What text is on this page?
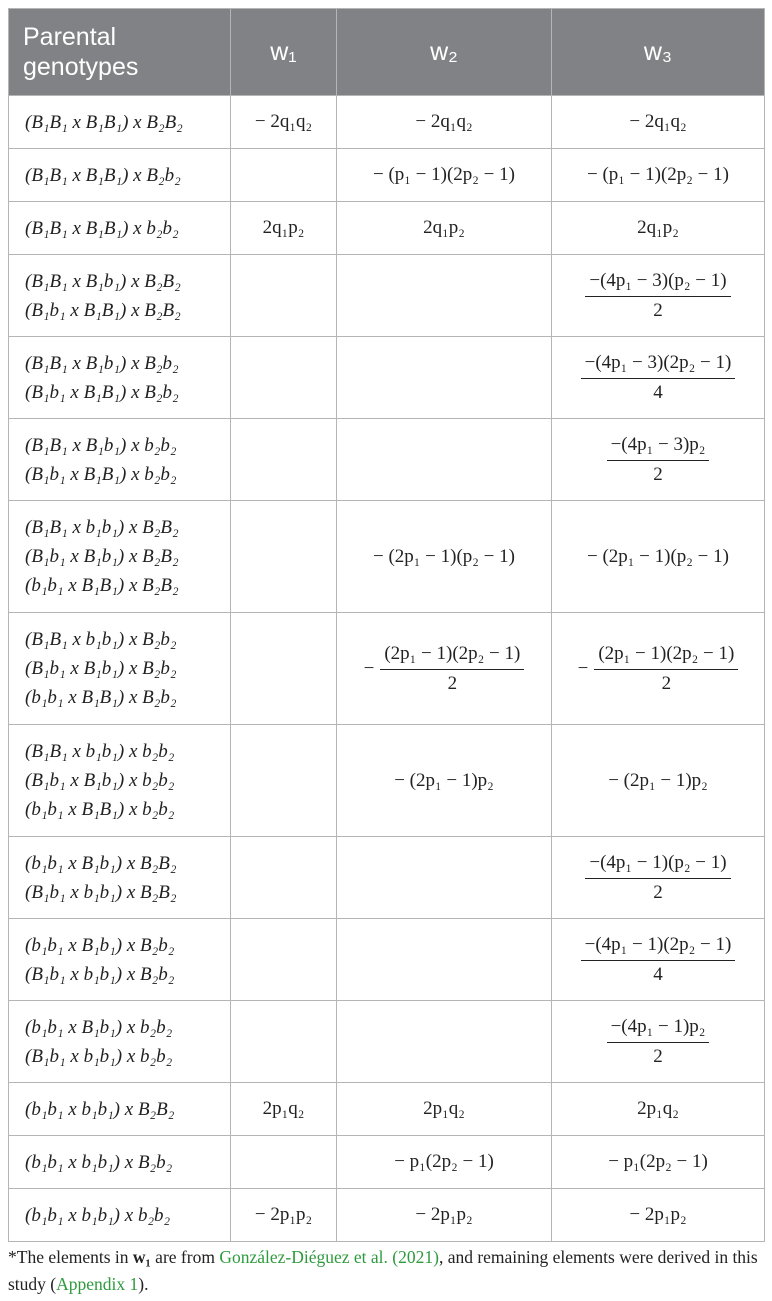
Parental genotypes	w₁	w₂	w₃

(B₁B₁ x B₁B₁) x B₂B₂	− 2q₁q₂	− 2q₁q₂	− 2q₁q₂

(B₁B₁ x B₁B₁) x B₂b₂		− (p₁ − 1)(2p₂ − 1)	− (p₁ − 1)(2p₂ − 1)

(B₁B₁ x B₁B₁) x b₂b₂	2q₁p₂	2q₁p₂	2q₁p₂

(B₁B₁ x B₁b₁) x B₂B₂
(B₁b₁ x B₁B₁) x B₂B₂			$\frac{\text{−(4p₁ − 3)(p₂ − 1)}}{2}$

(B₁B₁ x B₁b₁) x B₂b₂
(B₁b₁ x B₁B₁) x B₂b₂			$\frac{\text{−(4p₁ − 3)(2p₂ − 1)}}{4}$

(B₁B₁ x B₁b₁) x b₂b₂
(B₁b₁ x B₁B₁) x b₂b₂			$\frac{\text{−(4p₁ − 3)p₂}}{2}$

(B₁B₁ x b₁b₁) x B₂B₂
(B₁b₁ x B₁b₁) x B₂B₂
(b₁b₁ x B₁B₁) x B₂B₂		− (2p₁ − 1)(p₂ − 1)	− (2p₁ − 1)(p₂ − 1)

(B₁B₁ x b₁b₁) x B₂b₂
(B₁b₁ x B₁b₁) x B₂b₂
(b₁b₁ x B₁B₁) x B₂b₂		− $\frac{\text{(2p₁ − 1)(2p₂ − 1)}}{2}$	− $\frac{\text{(2p₁ − 1)(2p₂ − 1)}}{2}$

(B₁B₁ x b₁b₁) x b₂b₂
(B₁b₁ x B₁b₁) x b₂b₂
(b₁b₁ x B₁B₁) x b₂b₂		− (2p₁ − 1)p₂	− (2p₁ − 1)p₂

(b₁b₁ x B₁b₁) x B₂B₂
(B₁b₁ x b₁b₁) x B₂B₂			$\frac{\text{−(4p₁ − 1)(p₂ − 1)}}{2}$

(b₁b₁ x B₁b₁) x B₂b₂
(B₁b₁ x b₁b₁) x B₂b₂			$\frac{\text{−(4p₁ − 1)(2p₂ − 1)}}{4}$

(b₁b₁ x B₁b₁) x b₂b₂
(B₁b₁ x b₁b₁) x b₂b₂			$\frac{\text{−(4p₁ − 1)p₂}}{2}$

(b₁b₁ x b₁b₁) x B₂B₂	2p₁q₂	2p₁q₂	2p₁q₂

(b₁b₁ x b₁b₁) x B₂b₂		− p₁(2p₂ − 1)	− p₁(2p₂ − 1)

(b₁b₁ x b₁b₁) x b₂b₂	− 2p₁p₂	− 2p₁p₂	− 2p₁p₂
*The elements in w₁ are from González-Diéguez et al. (2021), and remaining elements were derived in this study (Appendix 1).
